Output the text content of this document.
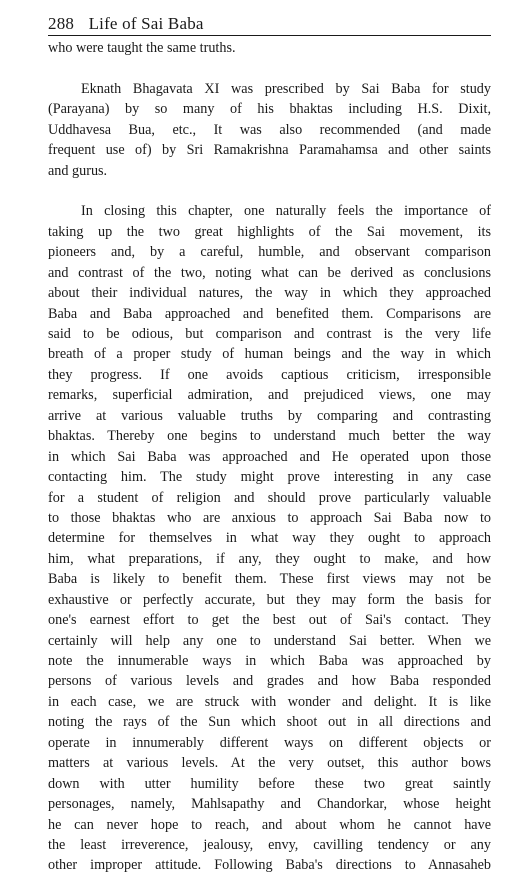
288 Life of Sai Baba
who were taught the same truths.
Eknath Bhagavata XI was prescribed by Sai Baba for study
(Parayana) by so many of his bhaktas including H.S. Dixit,
Uddhavesa Bua, etc., It was also recommended (and made
frequent use of) by Sri Ramakrishna Paramahamsa and other saints
and gurus.
In closing this chapter, one naturally feels the importance of
taking up the two great highlights of the Sai movement, its
pioneers and, by a careful, humble, and observant comparison
and contrast of the two, noting what can be derived as conclusions
about their individual natures, the way in which they approached
Baba and Baba approached and benefited them. Comparisons are
said to be odious, but comparison and contrast is the very life
breath of a proper study of human beings and the way in which
they progress. If one avoids captious criticism, irresponsible
remarks, superficial admiration, and prejudiced views, one may
arrive at various valuable truths by comparing and contrasting
bhaktas. Thereby one begins to understand much better the way
in which Sai Baba was approached and He operated upon those
contacting him. The study might prove interesting in any case
for a student of religion and should prove particularly valuable
to those bhaktas who are anxious to approach Sai Baba now to
determine for themselves in what way they ought to approach
him, what preparations, if any, they ought to make, and how
Baba is likely to benefit them. These first views may not be
exhaustive or perfectly accurate, but they may form the basis for
one's earnest effort to get the best out of Sai's contact. They
certainly will help any one to understand Sai better. When we
note the innumerable ways in which Baba was approached by
persons of various levels and grades and how Baba responded
in each case, we are struck with wonder and delight. It is like
noting the rays of the Sun which shoot out in all directions and
operate in innumerably different ways on different objects or
matters at various levels. At the very outset, this author bows
down with utter humility before these two great saintly
personages, namely, Mahlsapathy and Chandorkar, whose height
he can never hope to reach, and about whom he cannot have
the least irreverence, jealousy, envy, cavilling tendency or any
other improper attitude. Following Baba's directions to Annasaheb
